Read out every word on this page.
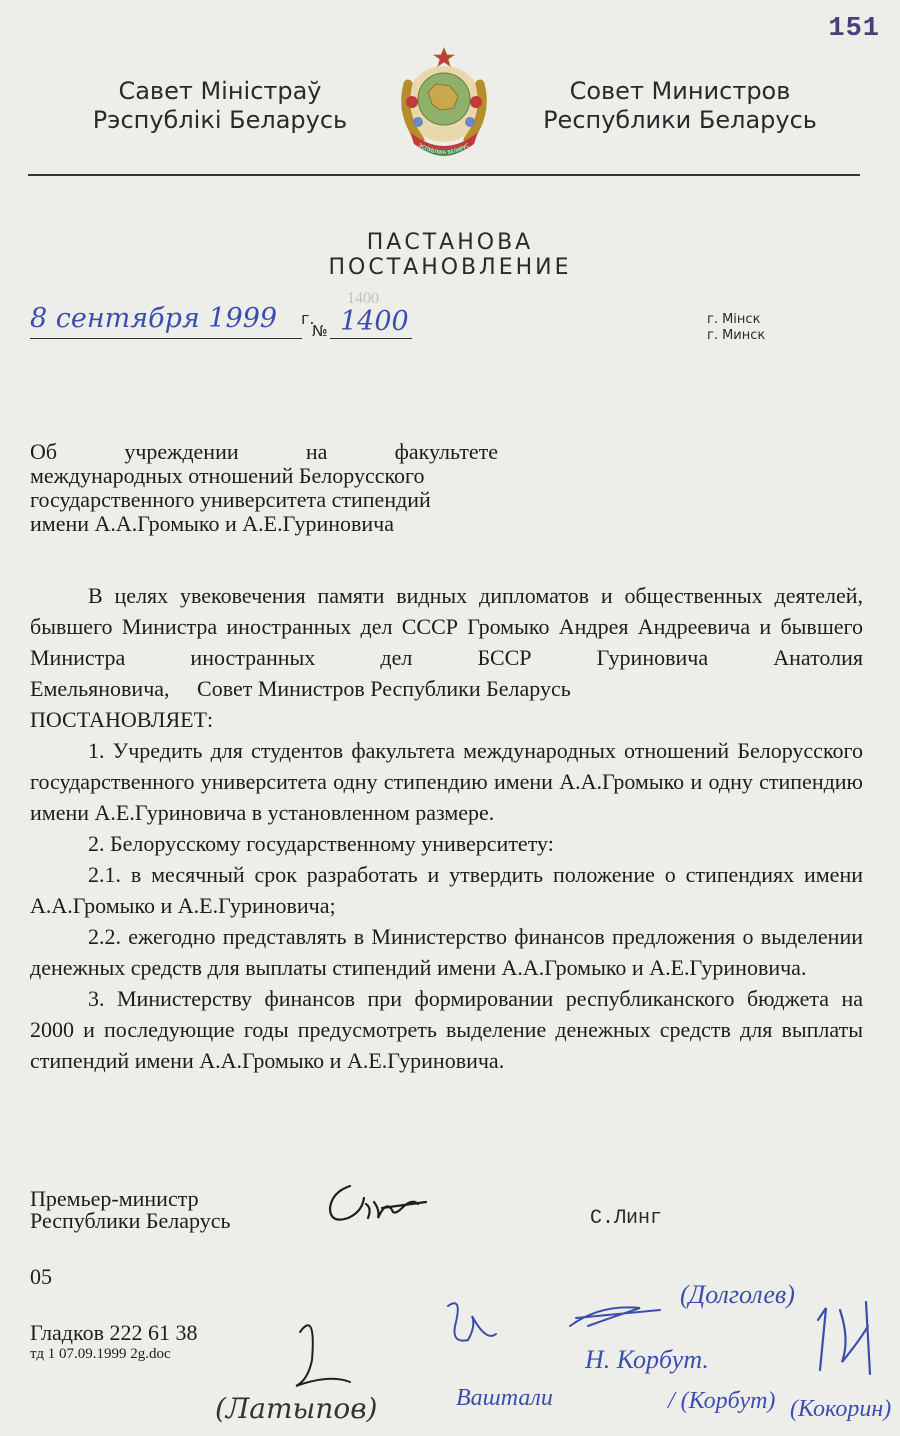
151
Савет Міністраў
Рэспублікі Беларусь
ЭСПУБЛІКА БЕЛАРУС
Совет Министров
Республики Беларусь
ПАСТАНОВА
ПОСТАНОВЛЕНИЕ
1400
8 сентября 1999 г.
№ 1400	г. Мінск
г. Минск
Об учреждении на факультете
международных отношений Белорусского
государственного университета стипендий
имени А.А.Громыко и А.Е.Гуриновича

В целях увековечения памяти видных дипломатов и общественных деятелей, бывшего Министра иностранных дел СССР Громыко Андрея Андреевича и бывшего Министра иностранных дел БССР Гуриновича Анатолия Емельяновича, Совет Министров Республики Беларусь

ПОСТАНОВЛЯЕТ:

1. Учредить для студентов факультета международных отношений Белорусского государственного университета одну стипендию имени А.А.Громыко и одну стипендию имени А.Е.Гуриновича в установленном размере.

2. Белорусскому государственному университету:

2.1. в месячный срок разработать и утвердить положение о стипендиях имени А.А.Громыко и А.Е.Гуриновича;

2.2. ежегодно представлять в Министерство финансов предложения о выделении денежных средств для выплаты стипендий имени А.А.Громыко и А.Е.Гуриновича.

3. Министерству финансов при формировании республиканского бюджета на 2000 и последующие годы предусмотреть выделение денежных средств для выплаты стипендий имени А.А.Громыко и А.Е.Гуриновича.

Премьер-министр
Республики Беларусь	С.Линг
05
Гладков 222 61 38
тд 1 07.09.1999 2g.doc
(Латыпов)
(Долголев)
Н. Корбут.
Ваштали	/ (Корбут) (Кокорин)
